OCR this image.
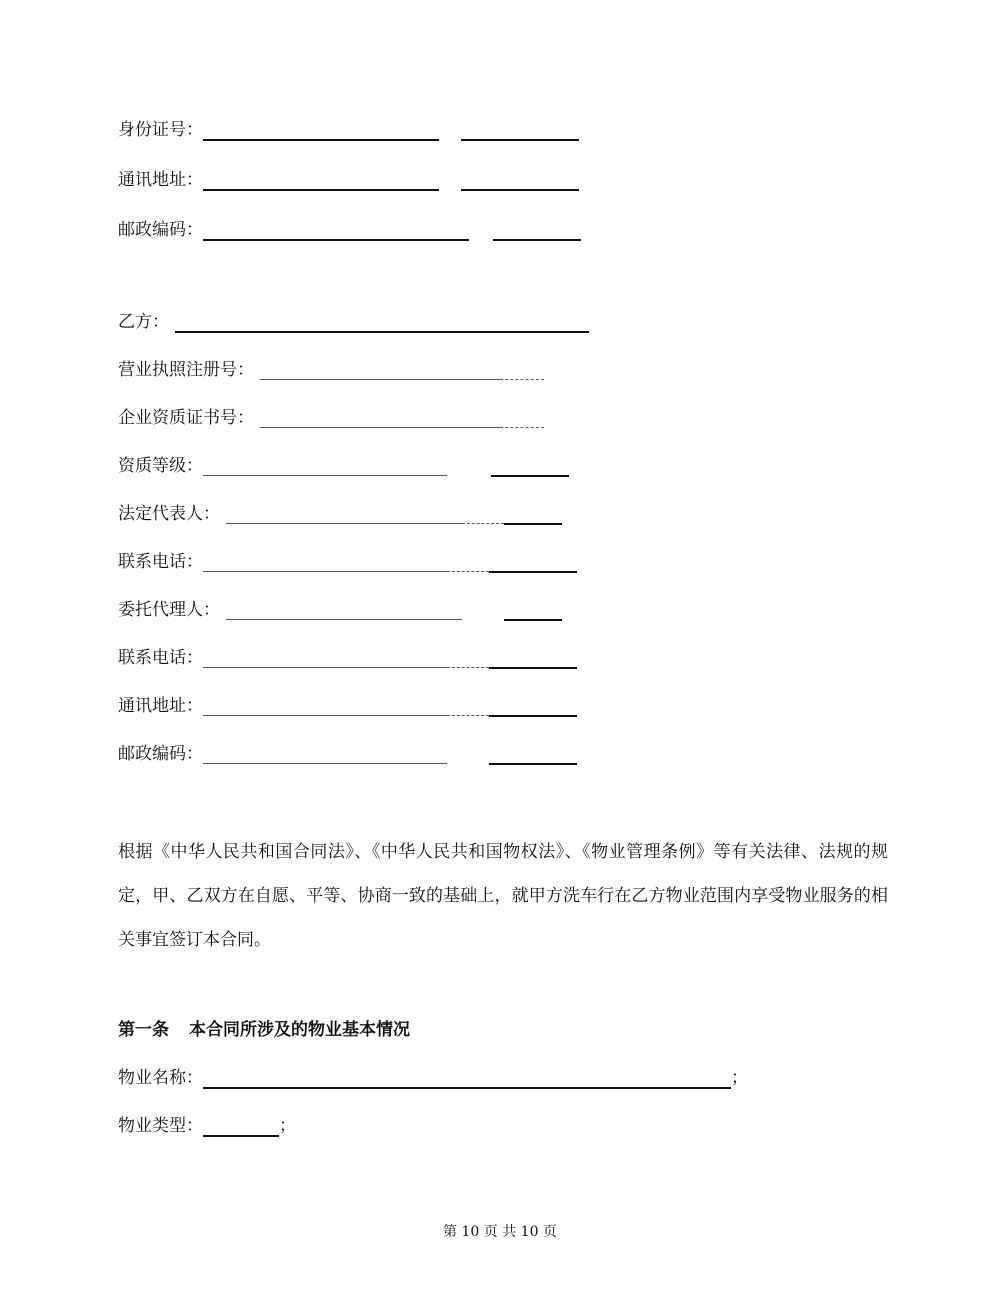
身份证号：
通讯地址：
邮政编码：
乙方：
营业执照注册号：
企业资质证书号：
资质等级：
法定代表人：
联系电话：
委托代理人：
联系电话：
通讯地址：
邮政编码：
根据《中华人民共和国合同法》、《中华人民共和国物权法》、《物业管理条例》等有关法律、法规的规定，甲、乙双方在自愿、平等、协商一致的基础上，就甲方洗车行在乙方物业范围内享受物业服务的相关事宜签订本合同。
第一条 本合同所涉及的物业基本情况
物业名称：	；
物业类型：	；
第 10 页 共 10 页
